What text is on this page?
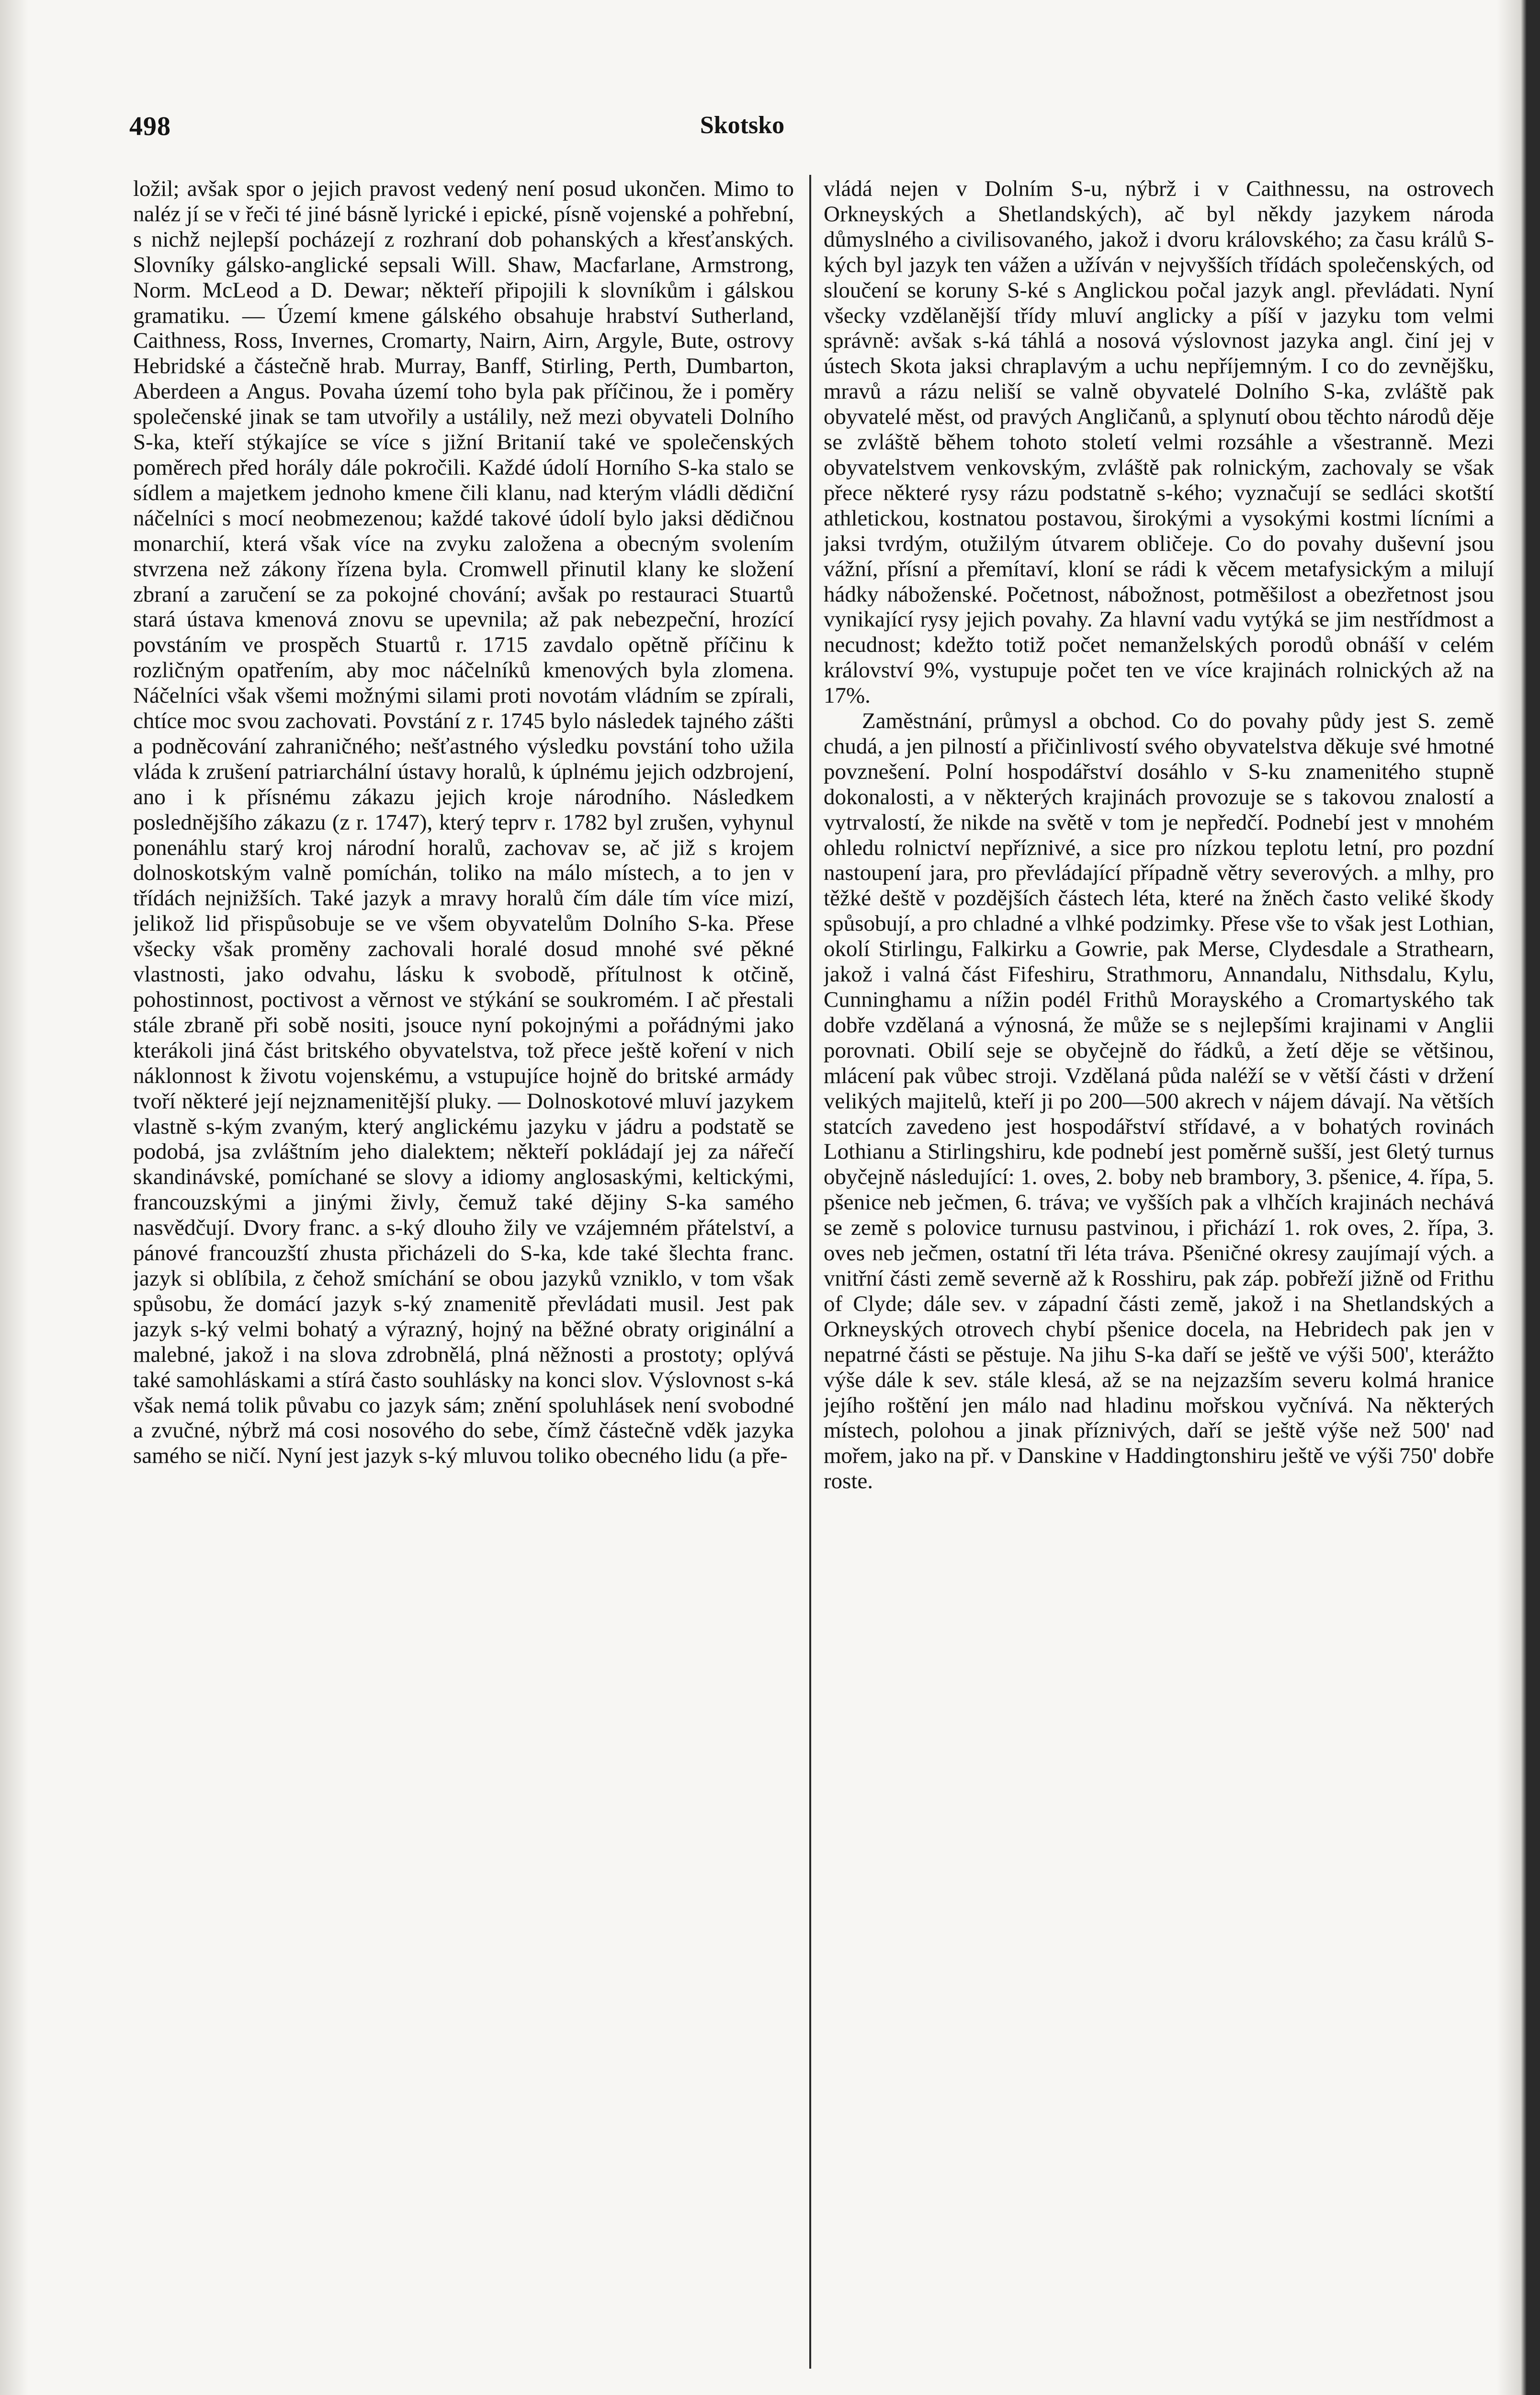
498	Skotsko

ložil; avšak spor o jejich pravost vedený není posud ukončen. Mimo to naléz jí se v řeči té jiné básně lyrické i epické, písně vojenské a pohřební, s nichž nejlepší pocházejí z rozhraní dob pohanských a křesťanských. Slovníky gálsko-anglické sepsali Will. Shaw, Macfarlane, Armstrong, Norm. McLeod a D. Dewar; někteří připojili k slovníkům i gálskou gramatiku. — Území kmene gálského obsahuje hrabství Sutherland, Caithness, Ross, Invernes, Cromarty, Nairn, Airn, Argyle, Bute, ostrovy Hebridské a částečně hrab. Murray, Banff, Stirling, Perth, Dumbarton, Aberdeen a Angus. Povaha území toho byla pak příčinou, že i poměry společenské jinak se tam utvořily a ustálily, než mezi obyvateli Dolního S-ka, kteří stýkajíce se více s jižní Britanií také ve společenských poměrech před horály dále pokročili. Každé údolí Horního S-ka stalo se sídlem a majetkem jednoho kmene čili klanu, nad kterým vládli dědiční náčelníci s mocí neobmezenou; každé takové údolí bylo jaksi dědičnou monarchií, která však více na zvyku založena a obecným svolením stvrzena než zákony řízena byla. Cromwell přinutil klany ke složení zbraní a zaručení se za pokojné chování; avšak po restauraci Stuartů stará ústava kmenová znovu se upevnila; až pak nebezpeční, hrozící povstáním ve prospěch Stuartů r. 1715 zavdalo opětně příčinu k rozličným opatřením, aby moc náčelníků kmenových byla zlomena. Náčelníci však všemi možnými silami proti novotám vládním se zpírali, chtíce moc svou zachovati. Povstání z r. 1745 bylo následek tajného zášti a podněcování zahraničného; nešťastného výsledku povstání toho užila vláda k zrušení patriarchální ústavy horalů, k úplnému jejich odzbrojení, ano i k přísnému zákazu jejich kroje národního. Následkem poslednějšího zákazu (z r. 1747), který teprv r. 1782 byl zrušen, vyhynul ponenáhlu starý kroj národní horalů, zachovav se, ač již s krojem dolnoskotským valně pomíchán, toliko na málo místech, a to jen v třídách nejnižších. Také jazyk a mravy horalů čím dále tím více mizí, jelikož lid přispůsobuje se ve všem obyvatelům Dolního S-ka. Přese všecky však proměny zachovali horalé dosud mnohé své pěkné vlastnosti, jako odvahu, lásku k svobodě, přítulnost k otčině, pohostinnost, poctivost a věrnost ve stýkání se soukromém. I ač přestali stále zbraně při sobě nositi, jsouce nyní pokojnými a pořádnými jako kterákoli jiná část britského obyvatelstva, tož přece ještě koření v nich náklonnost k životu vojenskému, a vstupujíce hojně do britské armády tvoří některé její nejznamenitější pluky. — Dolnoskotové mluví jazykem vlastně s-kým zvaným, který anglickému jazyku v jádru a podstatě se podobá, jsa zvláštním jeho dialektem; někteří pokládají jej za nářečí skandinávské, pomíchané se slovy a idiomy anglosaskými, keltickými, francouzskými a jinými živly, čemuž také dějiny S-ka samého nasvědčují. Dvory franc. a s-ký dlouho žily ve vzájemném přátelství, a pánové francouzští zhusta přicházeli do S-ka, kde také šlechta franc. jazyk si oblíbila, z čehož smíchání se obou jazyků vzniklo, v tom však spůsobu, že domácí jazyk s-ký znamenitě převládati musil. Jest pak jazyk s-ký velmi bohatý a výrazný, hojný na běžné obraty originální a malebné, jakož i na slova zdrobnělá, plná něžnosti a prostoty; oplývá také samohláskami a stírá často souhlásky na konci slov. Výslovnost s-ká však nemá tolik půvabu co jazyk sám; znění spoluhlásek není svobodné a zvučné, nýbrž má cosi nosového do sebe, čímž částečně vděk jazyka samého se ničí. Nyní jest jazyk s-ký mluvou toliko obecného lidu (a pře-

vládá nejen v Dolním S-u, nýbrž i v Caithnessu, na ostrovech Orkneyských a Shetlandských), ač byl někdy jazykem národa důmyslného a civilisovaného, jakož i dvoru královského; za času králů S-kých byl jazyk ten vážen a užíván v nejvyšších třídách společenských, od sloučení se koruny S-ké s Anglickou počal jazyk angl. převládati. Nyní všecky vzdělanější třídy mluví anglicky a píší v jazyku tom velmi správně: avšak s-ká táhlá a nosová výslovnost jazyka angl. činí jej v ústech Skota jaksi chraplavým a uchu nepříjemným. I co do zevnějšku, mravů a rázu neliší se valně obyvatelé Dolního S-ka, zvláště pak obyvatelé měst, od pravých Angličanů, a splynutí obou těchto národů děje se zvláště během tohoto století velmi rozsáhle a všestranně. Mezi obyvatelstvem venkovským, zvláště pak rolnickým, zachovaly se však přece některé rysy rázu podstatně s-kého; vyznačují se sedláci skotští athletickou, kostnatou postavou, širokými a vysokými kostmi lícními a jaksi tvrdým, otužilým útvarem obličeje. Co do povahy duševní jsou vážní, přísní a přemítaví, kloní se rádi k věcem metafysickým a milují hádky náboženské. Početnost, nábožnost, potměšilost a obezřetnost jsou vynikající rysy jejich povahy. Za hlavní vadu vytýká se jim nestřídmost a necudnost; kdežto totiž počet nemanželských porodů obnáší v celém království 9%, vystupuje počet ten ve více krajinách rolnických až na 17%.

Zaměstnání, průmysl a obchod. Co do povahy půdy jest S. země chudá, a jen pilností a přičinlivostí svého obyvatelstva děkuje své hmotné povznešení. Polní hospodářství dosáhlo v S-ku znamenitého stupně dokonalosti, a v některých krajinách provozuje se s takovou znalostí a vytrvalostí, že nikde na světě v tom je nepředčí. Podnebí jest v mnohém ohledu rolnictví nepříznivé, a sice pro nízkou teplotu letní, pro pozdní nastoupení jara, pro převládající případně větry severových. a mlhy, pro těžké deště v pozdějších částech léta, které na žněch často veliké škody spůsobují, a pro chladné a vlhké podzimky. Přese vše to však jest Lothian, okolí Stirlingu, Falkirku a Gowrie, pak Merse, Clydesdale a Strathearn, jakož i valná část Fifeshiru, Strathmoru, Annandalu, Nithsdalu, Kylu, Cunninghamu a nížin podél Frithů Morayského a Cromartyského tak dobře vzdělaná a výnosná, že může se s nejlepšími krajinami v Anglii porovnati. Obilí seje se obyčejně do řádků, a žetí děje se většinou, mlácení pak vůbec stroji. Vzdělaná půda naléží se v větší části v držení velikých majitelů, kteří ji po 200—500 akrech v nájem dávají. Na větších statcích zavedeno jest hospodářství střídavé, a v bohatých rovinách Lothianu a Stirlingshiru, kde podnebí jest poměrně sušší, jest 6letý turnus obyčejně následující: 1. oves, 2. boby neb brambory, 3. pšenice, 4. řípa, 5. pšenice neb ječmen, 6. tráva; ve vyšších pak a vlhčích krajinách nechává se země s polovice turnusu pastvinou, i přichází 1. rok oves, 2. řípa, 3. oves neb ječmen, ostatní tři léta tráva. Pšeničné okresy zaujímají vých. a vnitřní části země severně až k Rosshiru, pak záp. pobřeží jižně od Frithu of Clyde; dále sev. v západní části země, jakož i na Shetlandských a Orkneyských otrovech chybí pšenice docela, na Hebridech pak jen v nepatrné části se pěstuje. Na jihu S-ka daří se ještě ve výši 500', kterážto výše dále k sev. stále klesá, až se na nejzazším severu kolmá hranice jejího roštění jen málo nad hladinu mořskou vyčnívá. Na některých místech, polohou a jinak příznivých, daří se ještě výše než 500' nad mořem, jako na př. v Danskine v Haddingtonshiru ještě ve výši 750' dobře roste.
